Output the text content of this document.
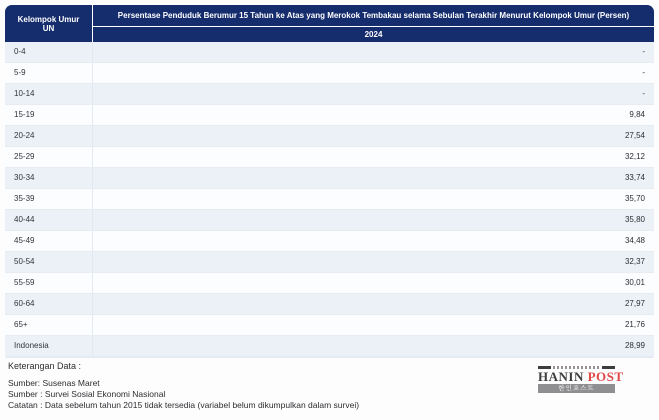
Kelompok Umur UN
Persentase Penduduk Berumur 15 Tahun ke Atas yang Merokok Tembakau selama Sebulan Terakhir Menurut Kelompok Umur (Persen)
2024
0-4	-
5-9	-
10-14	-
15-19	9,84
20-24	27,54
25-29	32,12
30-34	33,74
35-39	35,70
40-44	35,80
45-49	34,48
50-54	32,37
55-59	30,01
60-64	27,97
65+	21,76
Indonesia	28,99
Keterangan Data :
Sumber: Susenas Maret
Sumber : Survei Sosial Ekonomi Nasional
Catatan : Data sebelum tahun 2015 tidak tersedia (variabel belum dikumpulkan dalam survei)
HANIN POST
한인포스트
